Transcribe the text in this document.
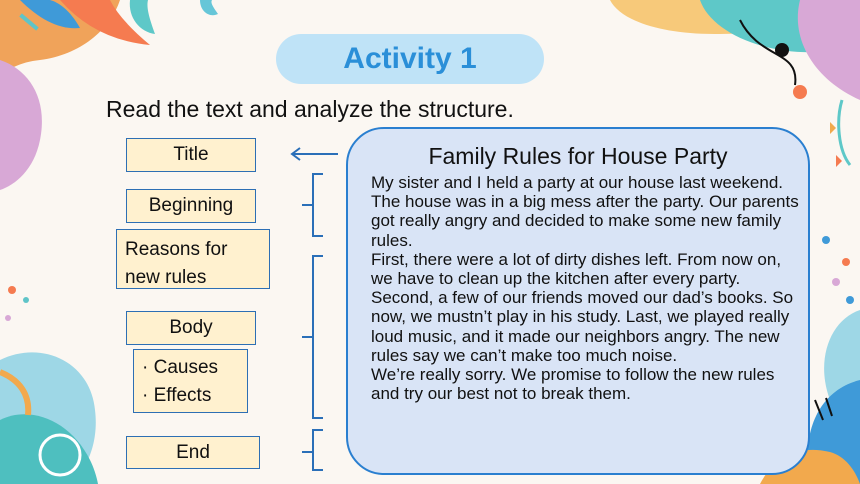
Activity 1
Read the text and analyze the structure.
Title
Beginning
Reasons for
new rules
Body
· Causes
· Effects
End
Family Rules for House Party

My sister and I held a party at our house last weekend. The house was in a big mess after the party. Our parents got really angry and decided to make some new family rules.

First, there were a lot of dirty dishes left. From now on, we have to clean up the kitchen after every party. Second, a few of our friends moved our dad’s books. So now, we mustn’t play in his study. Last, we played really loud music, and it made our neighbors angry. The new rules say we can’t make too much noise.

We’re really sorry. We promise to follow the new rules and try our best not to break them.
